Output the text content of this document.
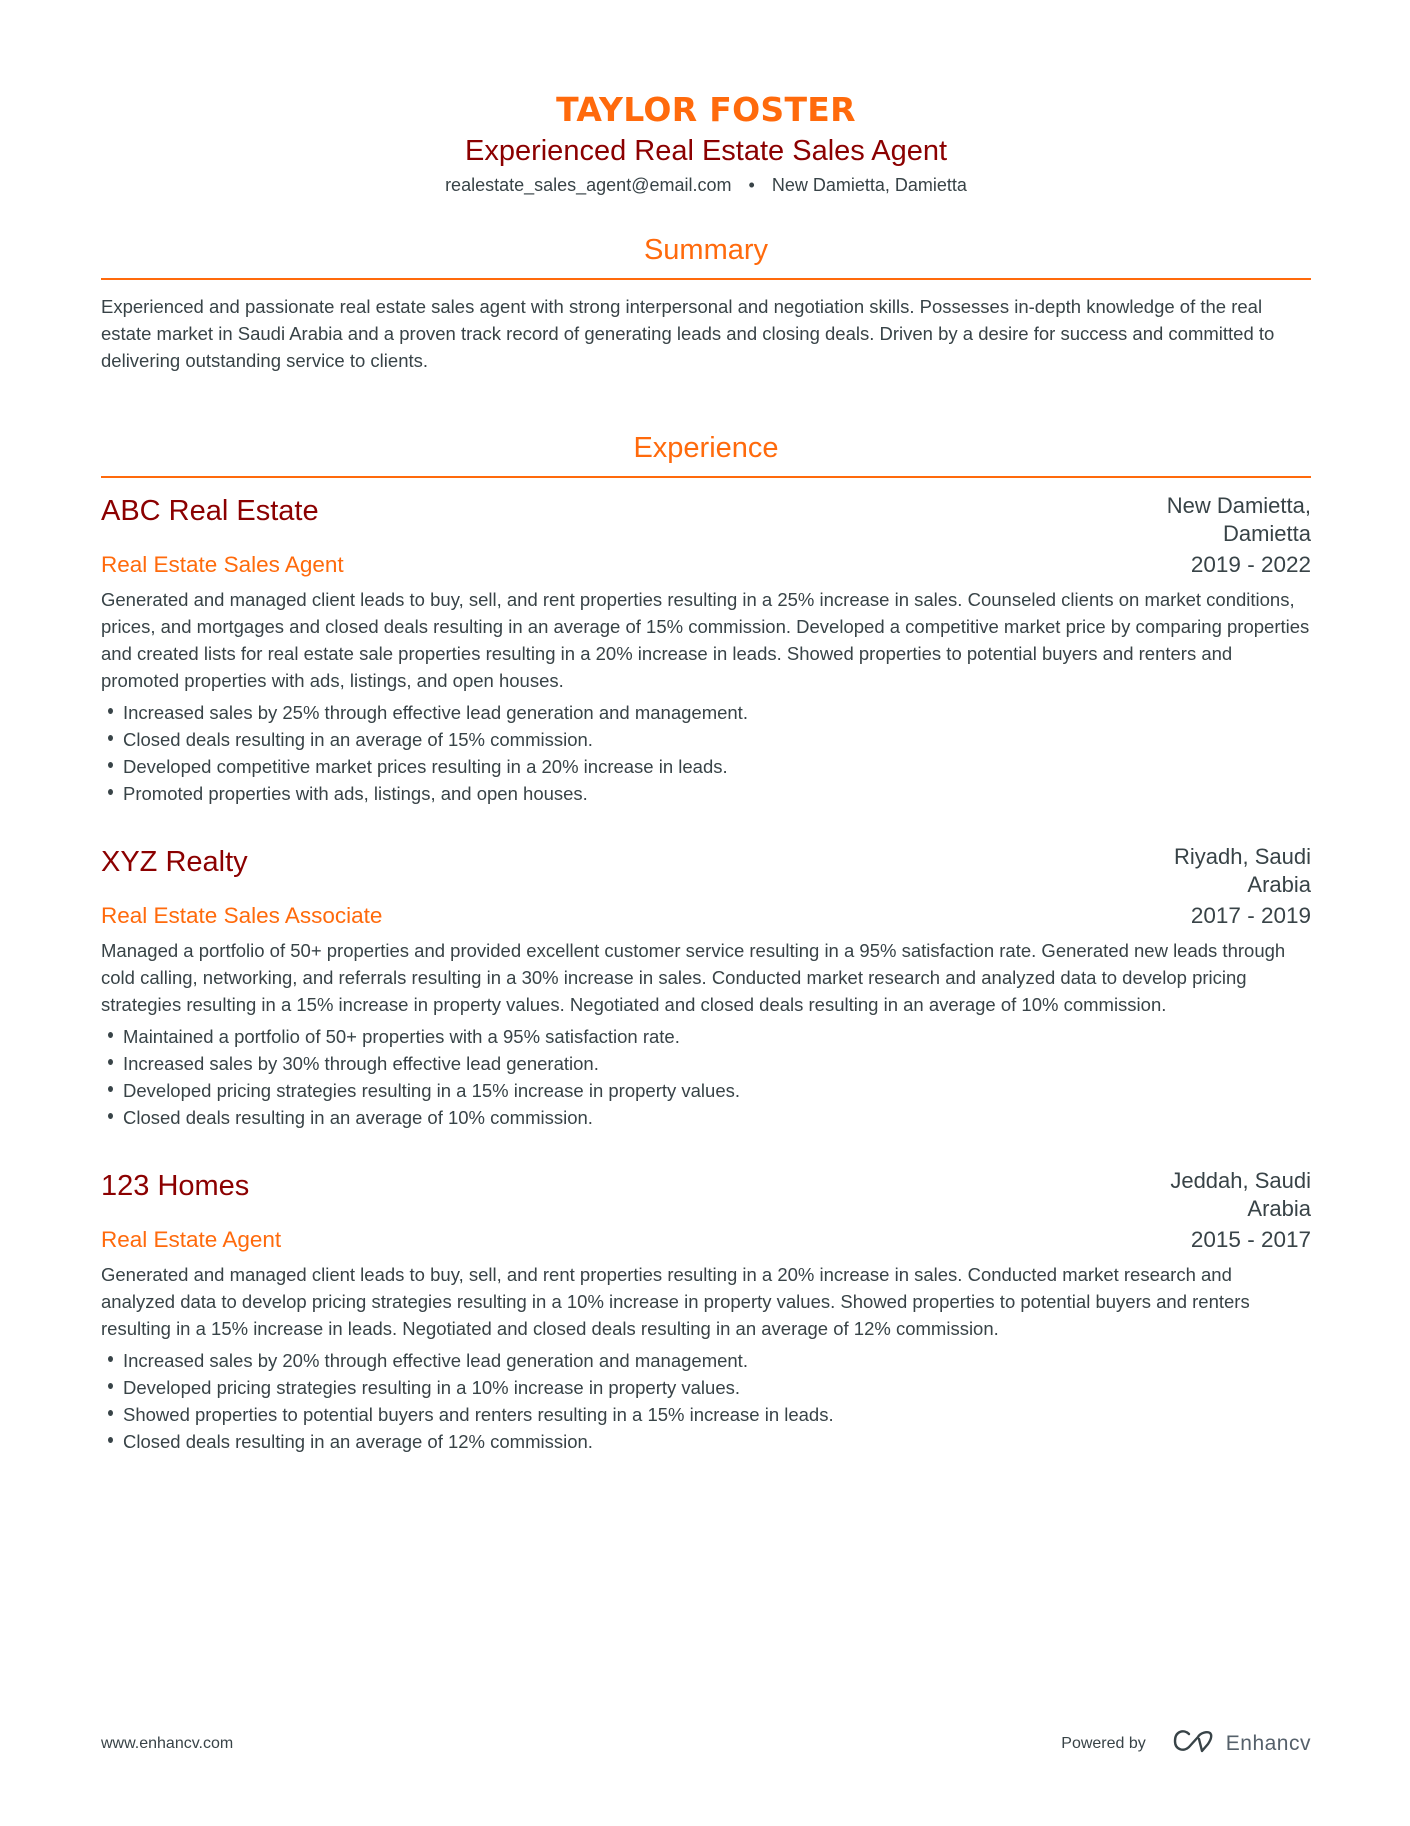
TAYLOR FOSTER
Experienced Real Estate Sales Agent
realestate_sales_agent@email.com • New Damietta, Damietta
Summary

Experienced and passionate real estate sales agent with strong interpersonal and negotiation skills. Possesses in-depth knowledge of the real estate market in Saudi Arabia and a proven track record of generating leads and closing deals. Driven by a desire for success and committed to delivering outstanding service to clients.

Experience
ABC Real Estate	New Damietta,
Damietta
Real Estate Sales Agent	2019 - 2022
Generated and managed client leads to buy, sell, and rent properties resulting in a 25% increase in sales. Counseled clients on market conditions, prices, and mortgages and closed deals resulting in an average of 15% commission. Developed a competitive market price by comparing properties and created lists for real estate sale properties resulting in a 20% increase in leads. Showed properties to potential buyers and renters and promoted properties with ads, listings, and open houses.
Increased sales by 25% through effective lead generation and management.
Closed deals resulting in an average of 15% commission.
Developed competitive market prices resulting in a 20% increase in leads.
Promoted properties with ads, listings, and open houses.
XYZ Realty	Riyadh, Saudi
Arabia
Real Estate Sales Associate	2017 - 2019
Managed a portfolio of 50+ properties and provided excellent customer service resulting in a 95% satisfaction rate. Generated new leads through cold calling, networking, and referrals resulting in a 30% increase in sales. Conducted market research and analyzed data to develop pricing strategies resulting in a 15% increase in property values. Negotiated and closed deals resulting in an average of 10% commission.
Maintained a portfolio of 50+ properties with a 95% satisfaction rate.
Increased sales by 30% through effective lead generation.
Developed pricing strategies resulting in a 15% increase in property values.
Closed deals resulting in an average of 10% commission.
123 Homes	Jeddah, Saudi
Arabia
Real Estate Agent	2015 - 2017
Generated and managed client leads to buy, sell, and rent properties resulting in a 20% increase in sales. Conducted market research and analyzed data to develop pricing strategies resulting in a 10% increase in property values. Showed properties to potential buyers and renters resulting in a 15% increase in leads. Negotiated and closed deals resulting in an average of 12% commission.
Increased sales by 20% through effective lead generation and management.
Developed pricing strategies resulting in a 10% increase in property values.
Showed properties to potential buyers and renters resulting in a 15% increase in leads.
Closed deals resulting in an average of 12% commission.
www.enhancv.com	Powered by	Enhancv
